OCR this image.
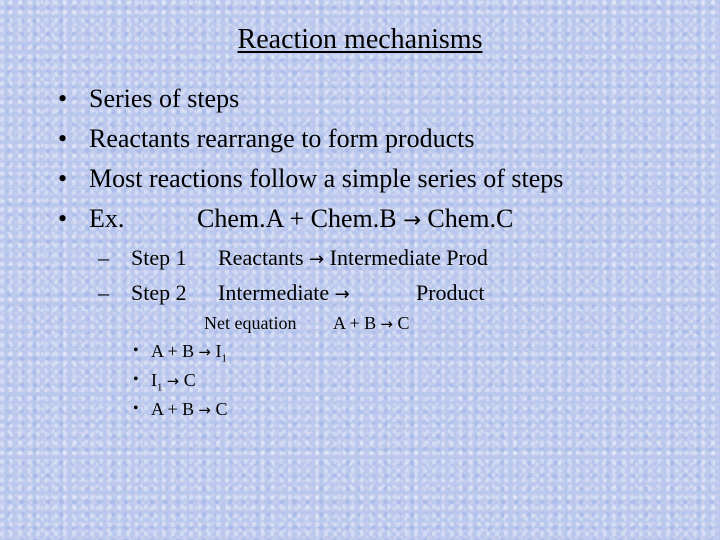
Reaction mechanisms
• Series of steps
• Reactants rearrange to form products
• Most reactions follow a simple series of steps
• Ex.	Chem.A + Chem.B → Chem.C
– Step 1 Reactants → Intermediate Prod
– Step 2 Intermediate →	Product
Net equation A + B → C
• $A + B \to I_1$
• $I_1 \to C$
• A + B → C
